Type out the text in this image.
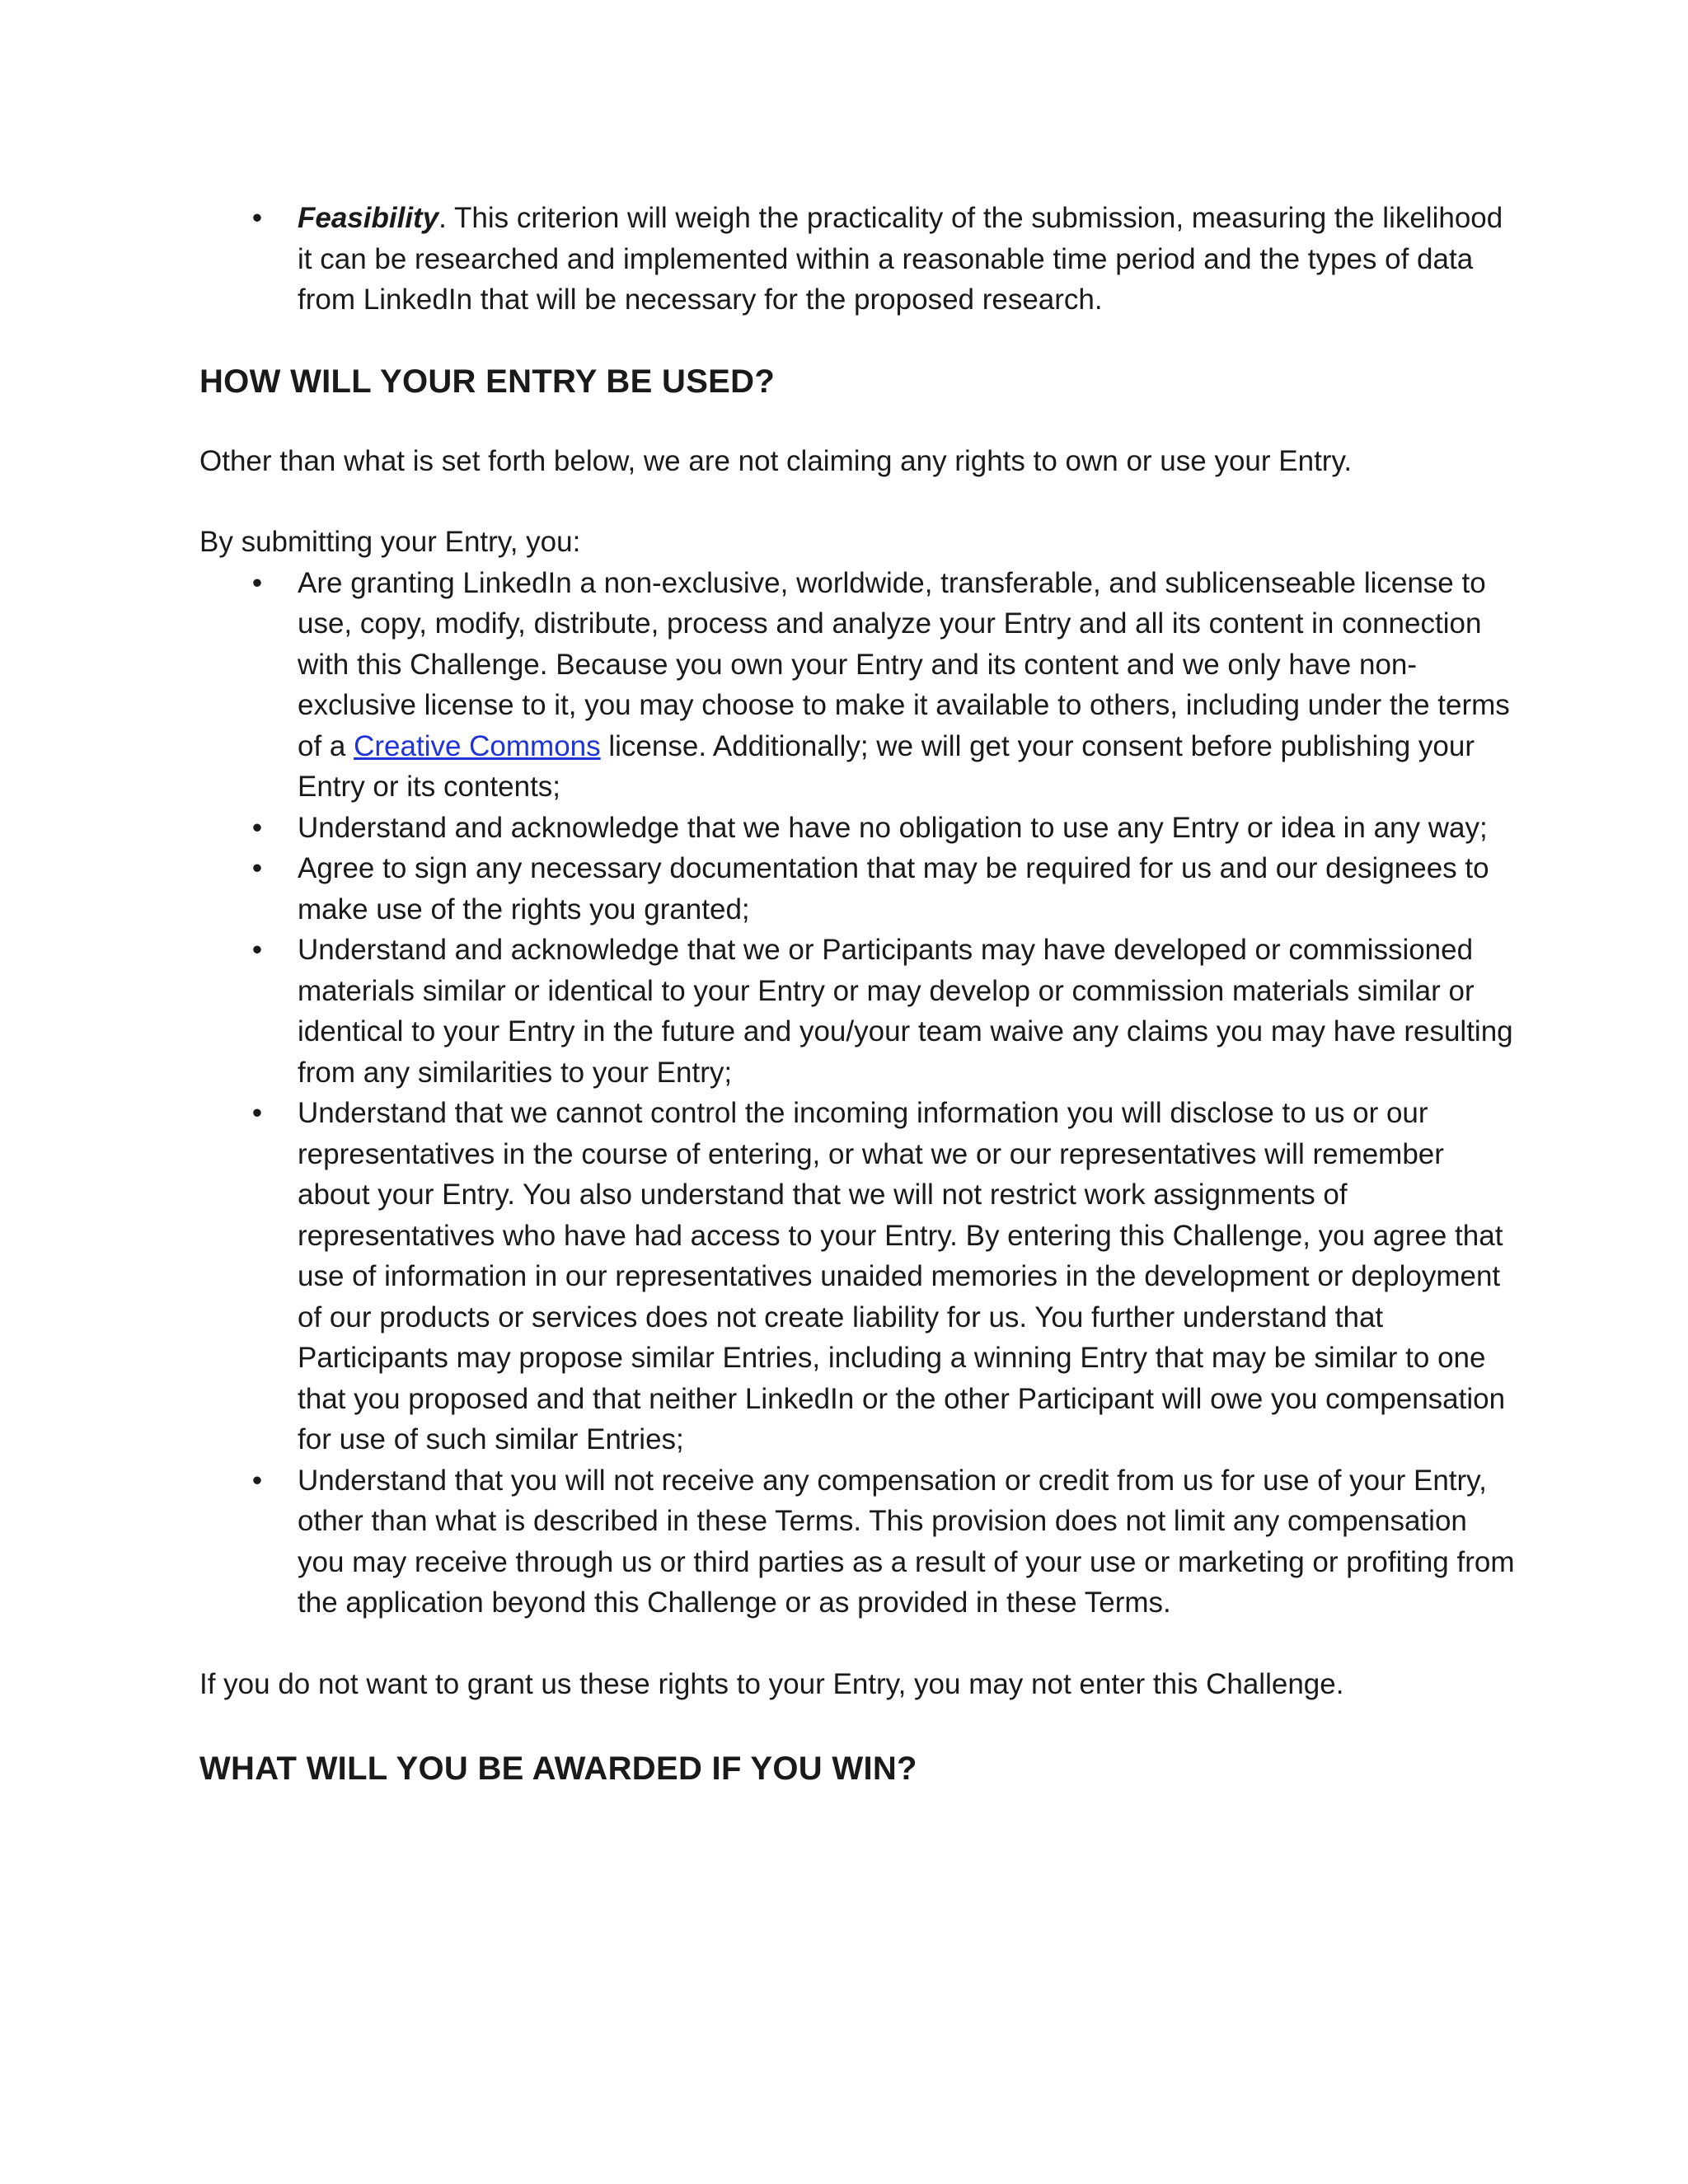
• Feasibility. This criterion will weigh the practicality of the submission, measuring the likelihood it can be researched and implemented within a reasonable time period and the types of data from LinkedIn that will be necessary for the proposed research.
HOW WILL YOUR ENTRY BE USED?

Other than what is set forth below, we are not claiming any rights to own or use your Entry.

By submitting your Entry, you:

• Are granting LinkedIn a non-exclusive, worldwide, transferable, and sublicenseable license to use, copy, modify, distribute, process and analyze your Entry and all its content in connection with this Challenge. Because you own your Entry and its content and we only have non-exclusive license to it, you may choose to make it available to others, including under the terms of a Creative Commons license. Additionally; we will get your consent before publishing your Entry or its contents;
• Understand and acknowledge that we have no obligation to use any Entry or idea in any way;
• Agree to sign any necessary documentation that may be required for us and our designees to make use of the rights you granted;
• Understand and acknowledge that we or Participants may have developed or commissioned materials similar or identical to your Entry or may develop or commission materials similar or identical to your Entry in the future and you/your team waive any claims you may have resulting from any similarities to your Entry;
• Understand that we cannot control the incoming information you will disclose to us or our representatives in the course of entering, or what we or our representatives will remember about your Entry. You also understand that we will not restrict work assignments of representatives who have had access to your Entry. By entering this Challenge, you agree that use of information in our representatives unaided memories in the development or deployment of our products or services does not create liability for us. You further understand that Participants may propose similar Entries, including a winning Entry that may be similar to one that you proposed and that neither LinkedIn or the other Participant will owe you compensation for use of such similar Entries;
• Understand that you will not receive any compensation or credit from us for use of your Entry, other than what is described in these Terms. This provision does not limit any compensation you may receive through us or third parties as a result of your use or marketing or profiting from the application beyond this Challenge or as provided in these Terms.

If you do not want to grant us these rights to your Entry, you may not enter this Challenge.

WHAT WILL YOU BE AWARDED IF YOU WIN?
